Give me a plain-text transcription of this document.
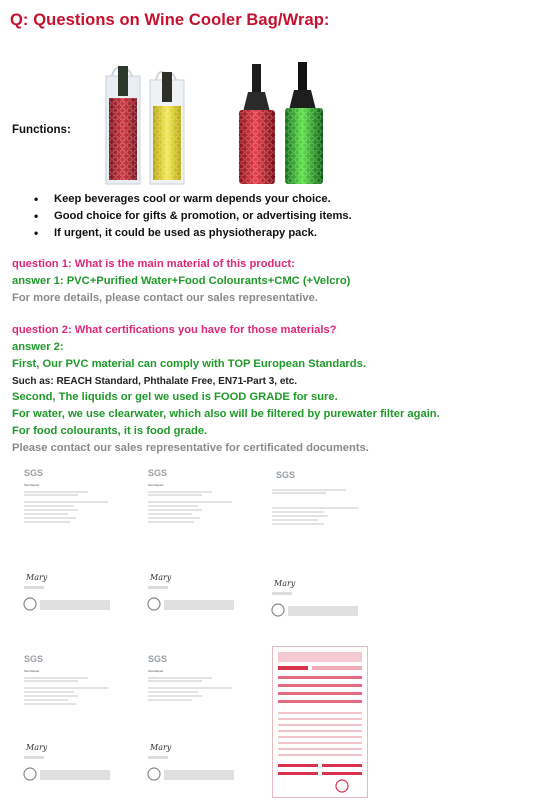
Q: Questions on Wine Cooler Bag/Wrap:
Functions:
• Keep beverages cool or warm depends your choice.
• Good choice for gifts & promotion, or advertising items.
• If urgent, it could be used as physiotherapy pack.
question 1: What is the main material of this product:
answer 1: PVC+Purified Water+Food Colourants+CMC (+Velcro)
For more details, please contact our sales representative.
question 2: What certifications you have for those materials?
answer 2:
First, Our PVC material can comply with TOP European Standards.
Such as: REACH Standard, Phthalate Free, EN71-Part 3, etc.
Second, The liquids or gel we used is FOOD GRADE for sure.
For water, we use clearwater, which also will be filtered by purewater filter again.
For food colourants, it is food grade.
Please contact our sales representative for certificated documents.
SGS
Test Report
Mary
SGS
Test Report
Mary
SGS
Mary
SGS
Test Report
Mary
SGS
Test Report
Mary
